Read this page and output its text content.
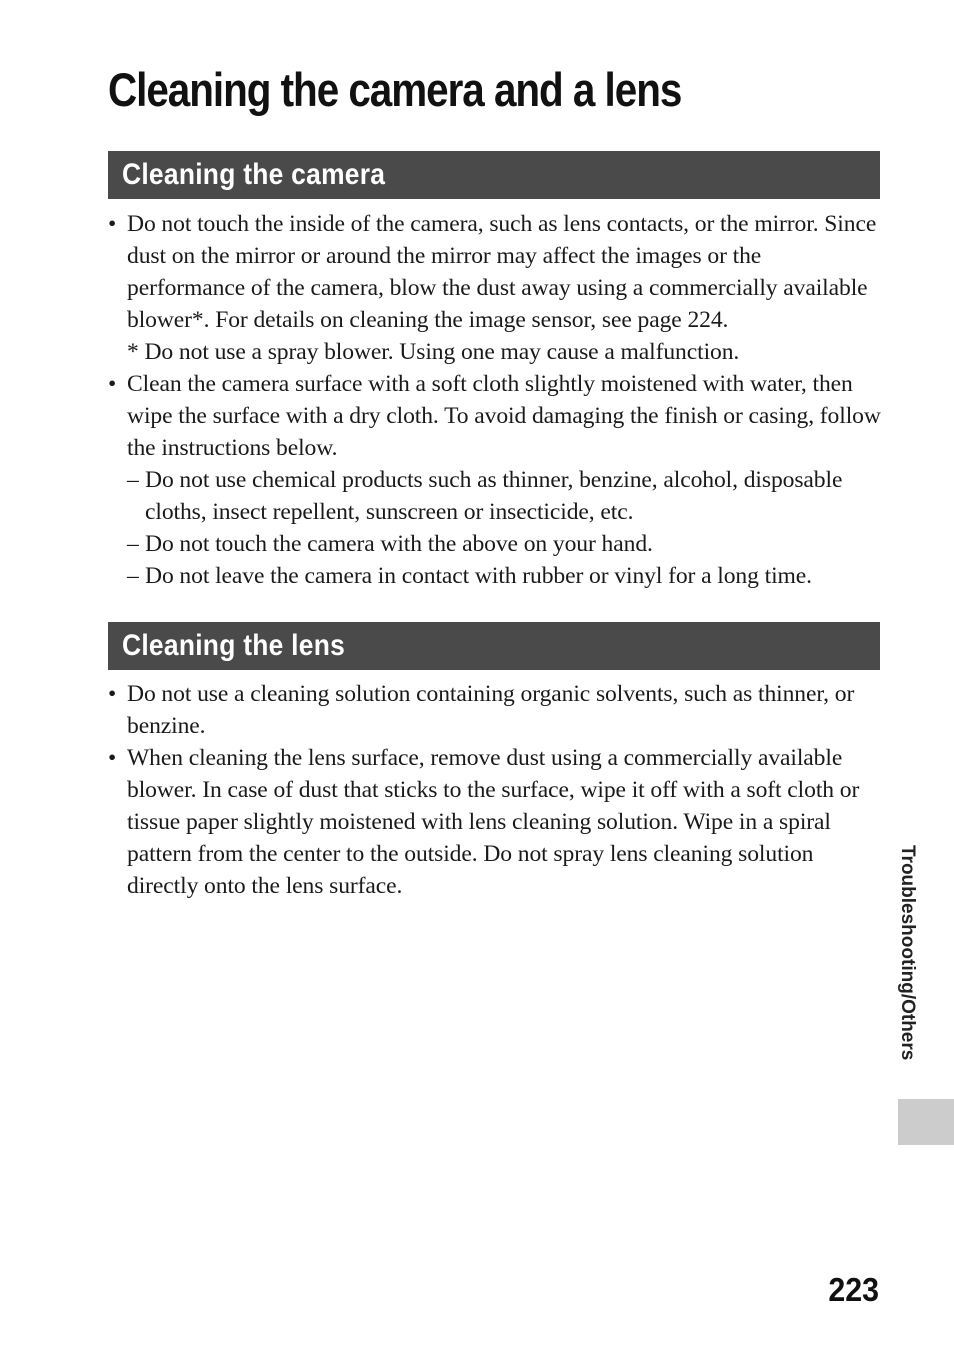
Cleaning the camera and a lens
Cleaning the camera
• Do not touch the inside of the camera, such as lens contacts, or the mirror. Since dust on the mirror or around the mirror may affect the images or the performance of the camera, blow the dust away using a commercially available blower*. For details on cleaning the image sensor, see page 224.
* Do not use a spray blower. Using one may cause a malfunction.
• Clean the camera surface with a soft cloth slightly moistened with water, then wipe the surface with a dry cloth. To avoid damaging the finish or casing, follow the instructions below.
– Do not use chemical products such as thinner, benzine, alcohol, disposable cloths, insect repellent, sunscreen or insecticide, etc.
– Do not touch the camera with the above on your hand.
– Do not leave the camera in contact with rubber or vinyl for a long time.
Cleaning the lens
• Do not use a cleaning solution containing organic solvents, such as thinner, or benzine.
• When cleaning the lens surface, remove dust using a commercially available blower. In case of dust that sticks to the surface, wipe it off with a soft cloth or tissue paper slightly moistened with lens cleaning solution. Wipe in a spiral pattern from the center to the outside. Do not spray lens cleaning solution directly onto the lens surface.	Troubleshooting/Others
223
